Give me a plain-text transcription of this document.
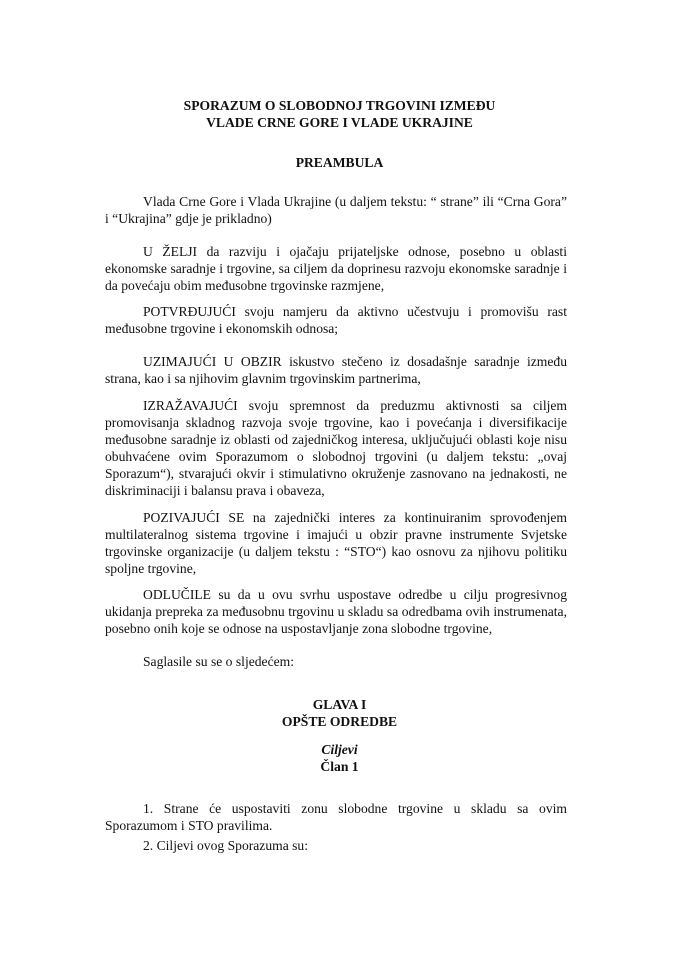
SPORAZUM O SLOBODNOJ TRGOVINI IZMEĐU
VLADE CRNE GORE I VLADE UKRAJINE
PREAMBULA
Vlada Crne Gore i Vlada Ukrajine (u daljem tekstu: “ strane” ili “Crna Gora” i “Ukrajina” gdje je prikladno)
U ŽELJI da razviju i ojačaju prijateljske odnose, posebno u oblasti ekonomske saradnje i trgovine, sa ciljem da doprinesu razvoju ekonomske saradnje i da povećaju obim međusobne trgovinske razmjene,
POTVRĐUJUĆI svoju namjeru da aktivno učestvuju i promovišu rast međusobne trgovine i ekonomskih odnosa;
UZIMAJUĆI U OBZIR iskustvo stečeno iz dosadašnje saradnje između strana, kao i sa njihovim glavnim trgovinskim partnerima,
IZRAŽAVAJUĆI svoju spremnost da preduzmu aktivnosti sa ciljem promovisanja skladnog razvoja svoje trgovine, kao i povećanja i diversifikacije međusobne saradnje iz oblasti od zajedničkog interesa, uključujući oblasti koje nisu obuhvaćene ovim Sporazumom o slobodnoj trgovini (u daljem tekstu: „ovaj Sporazum“), stvarajući okvir i stimulativno okruženje zasnovano na jednakosti, ne diskriminaciji i balansu prava i obaveza,
POZIVAJUĆI SE na zajednički interes za kontinuiranim sprovođenjem multilateralnog sistema trgovine i imajući u obzir pravne instrumente Svjetske trgovinske organizacije (u daljem tekstu : “STO“) kao osnovu za njihovu politiku spoljne trgovine,
ODLUČILE su da u ovu svrhu uspostave odredbe u cilju progresivnog ukidanja prepreka za međusobnu trgovinu u skladu sa odredbama ovih instrumenata, posebno onih koje se odnose na uspostavljanje zona slobodne trgovine,
Saglasile su se o sljedećem:
GLAVA I
OPŠTE ODREDBE
Ciljevi
Član 1
1. Strane će uspostaviti zonu slobodne trgovine u skladu sa ovim Sporazumom i STO pravilima.
2. Ciljevi ovog Sporazuma su:
